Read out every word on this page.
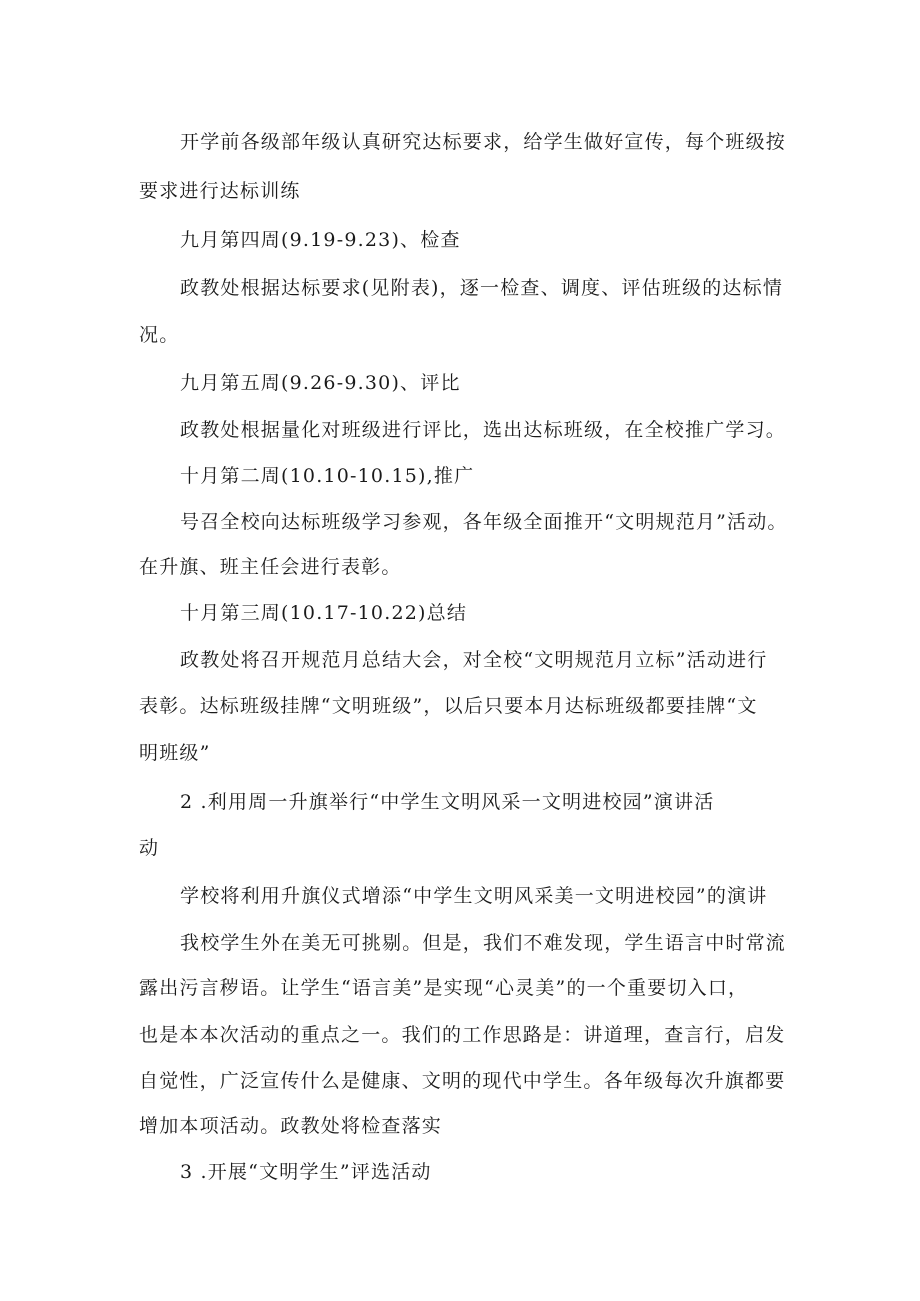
开学前各级部年级认真研究达标要求，给学生做好宣传，每个班级按
要求进行达标训练
九月第四周(9.19-9.23)、检查
政教处根据达标要求(见附表)，逐一检查、调度、评估班级的达标情
况。
九月第五周(9.26-9.30)、评比
政教处根据量化对班级进行评比，选出达标班级，在全校推广学习。
十月第二周(10.10-10.15),推广
号召全校向达标班级学习参观，各年级全面推开“文明规范月”活动。
在升旗、班主任会进行表彰。
十月第三周(10.17-10.22)总结
政教处将召开规范月总结大会，对全校“文明规范月立标”活动进行
表彰。达标班级挂牌“文明班级”，以后只要本月达标班级都要挂牌“文
明班级”
2 .利用周一升旗举行“中学生文明风采一文明进校园”演讲活
动
学校将利用升旗仪式增添“中学生文明风采美一文明进校园”的演讲
我校学生外在美无可挑剔。但是，我们不难发现，学生语言中时常流
露出污言秽语。让学生“语言美”是实现“心灵美”的一个重要切入口，
也是本本次活动的重点之一。我们的工作思路是：讲道理，查言行，启发
自觉性，广泛宣传什么是健康、文明的现代中学生。各年级每次升旗都要
增加本项活动。政教处将检查落实
3 .开展“文明学生”评选活动
